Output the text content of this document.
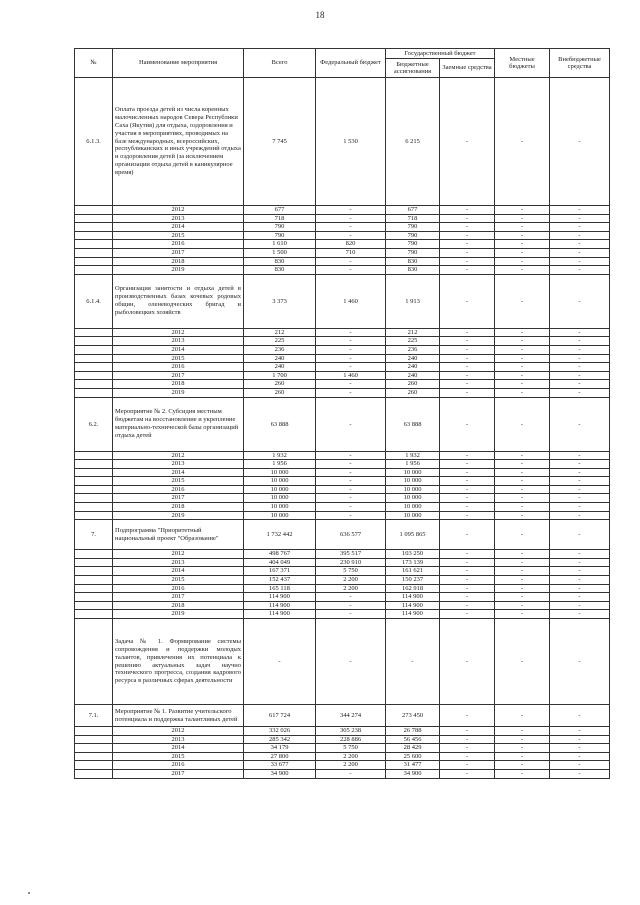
18
№	Наименование мероприятия	Всего	Федеральный бюджет	Государственный бюджет		Местные бюджеты	Внебюджетные средства
				Бюджетные ассигнования	Заемные средства		
6.1.3.	Оплата проезда детей из числа коренных малочисленных народов Севера Республики Саха (Якутия) для отдыха, оздоровления и участия в мероприятиях, проводимых на базе международных, всероссийских, республиканских и иных учреждений отдыха и оздоровления детей (за исключением организации отдыха детей в каникулярное время)	7 745	1 530	6 215	-	-	-
	2012	677	-	677	-	-	-
	2013	718	-	718	-	-	-
	2014	790	-	790	-	-	-
	2015	790	-	790	-	-	-
	2016	1 610	820	790	-	-	-
	2017	1 500	710	790	-	-	-
	2018	830	-	830	-	-	-
	2019	830	-	830	-	-	-
6.1.4.	Организация занятости и отдыха детей в производственных базах кочевых родовых общин, оленеводческих бригад и рыболовецких хозяйств	3 373	1 460	1 913	-	-	-
	2012	212	-	212	-	-	-
	2013	225	-	225	-	-	-
	2014	236	-	236	-	-	-
	2015	240	-	240	-	-	-
	2016	240	-	240	-	-	-
	2017	1 700	1 460	240	-	-	-
	2018	260	-	260	-	-	-
	2019	260	-	260	-	-	-
6.2.	Мероприятие № 2. Субсидия местным бюджетам на восстановление и укрепление материально-технической базы организаций отдыха детей	63 888	-	63 888	-	-	-
	2012	1 932	-	1 932	-	-	-
	2013	1 956	-	1 956	-	-	-
	2014	10 000	-	10 000	-	-	-
	2015	10 000	-	10 000	-	-	-
	2016	10 000	-	10 000	-	-	-
	2017	10 000	-	10 000	-	-	-
	2018	10 000	-	10 000	-	-	-
	2019	10 000	-	10 000	-	-	-
7.	Подпрограмма "Приоритетный национальный проект "Образование"	1 732 442	636 577	1 095 865	-	-	-
	2012	498 767	395 517	103 250	-	-	-
	2013	404 049	230 910	173 139	-	-	-
	2014	167 371	5 750	161 621	-	-	-
	2015	152 437	2 200	150 237	-	-	-
	2016	165 118	2 200	162 918	-	-	-
	2017	114 900	-	114 900	-	-	-
	2018	114 900	-	114 900	-	-	-
	2019	114 900	-	114 900	-	-	-
	Задача № 1. Формирование системы сопровождения и поддержки молодых талантов, привлечения их потенциала к решению актуальных задач научно технического прогресса, создания кадрового ресурса в различных сферах деятельности	-	-	-	-	-	-
7.1.	Мероприятие № 1. Развитие учительского потенциала и поддержка талантливых детей	617 724	344 274	273 450	-	-	-
	2012	332 026	305 238	26 788	-	-	-
	2013	285 342	228 886	56 456	-	-	-
	2014	34 179	5 750	28 429	-	-	-
	2015	27 800	2 200	25 600	-	-	-
	2016	33 677	2 200	31 477	-	-	-
	2017	34 900	-	34 900	-	-	-
